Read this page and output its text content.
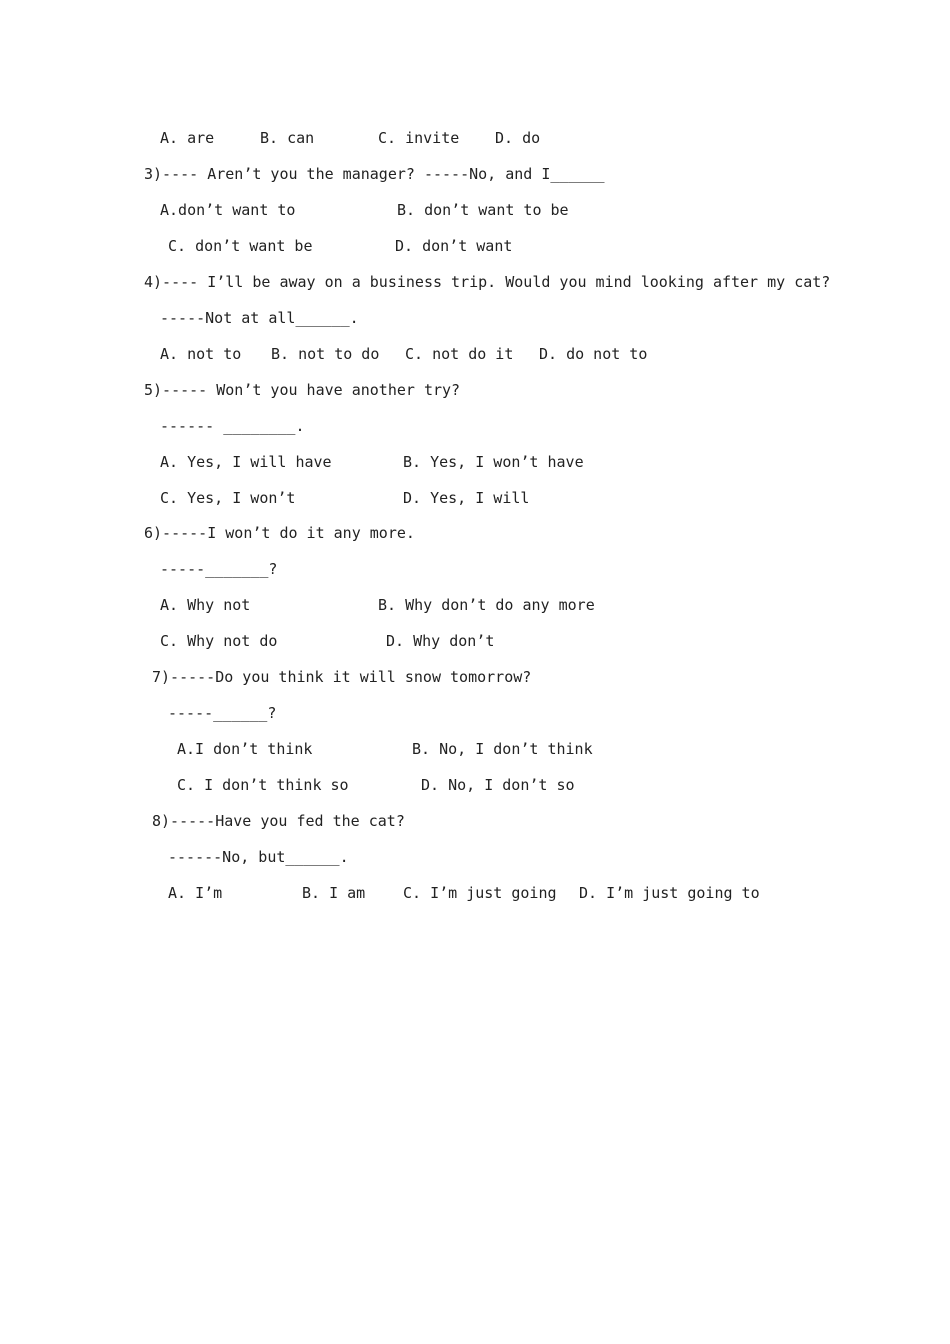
A. are	B. can	C. invite D. do
3)---- Aren’t you the manager? -----No, and I______
A.don’t want to	B. don’t want to be
C. don’t want be	D. don’t want
4)---- I’ll be away on a business trip. Would you mind looking after my cat?
-----Not at all______.
A. not to B. not to do C. not do it D. do not to
5)----- Won’t you have another try?
------ ________.
A. Yes, I will have	B. Yes, I won’t have
C. Yes, I won’t	D. Yes, I will
6)-----I won’t do it any more.
-----_______?
A. Why not	B. Why don’t do any more
C. Why not do	D. Why don’t
7)-----Do you think it will snow tomorrow?
-----______?
A.I don’t think	B. No, I don’t think
C. I don’t think so	D. No, I don’t so
8)-----Have you fed the cat?
------No, but______.
A. I’m	B. I am	C. I’m just going D. I’m just going to
